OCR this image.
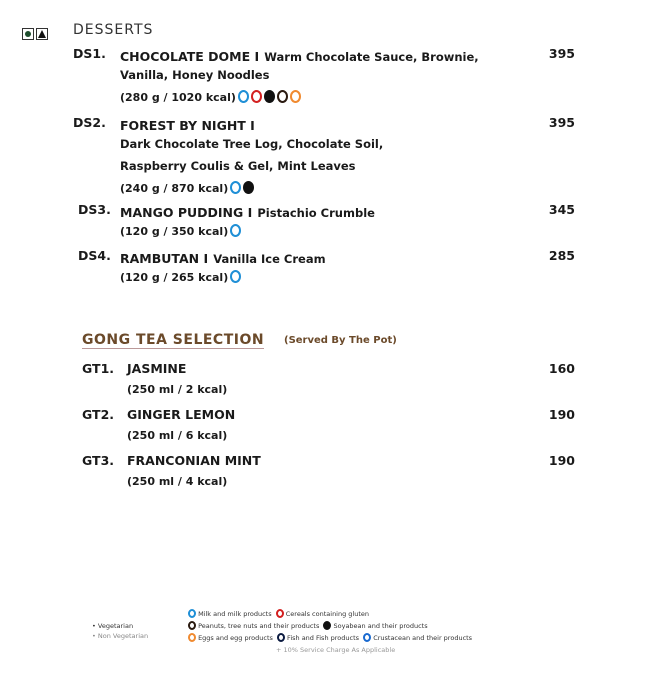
DESSERTS
DS1. CHOCOLATE DOME I Warm Chocolate Sauce, Brownie,
Vanilla, Honey Noodles
(280 g / 1020 kcal)
395
DS2. FOREST BY NIGHT I
Dark Chocolate Tree Log, Chocolate Soil,
Raspberry Coulis & Gel, Mint Leaves
(240 g / 870 kcal)
395
DS3. MANGO PUDDING I Pistachio Crumble
(120 g / 350 kcal)
345
DS4. RAMBUTAN I Vanilla Ice Cream
(120 g / 265 kcal)
285
GONG TEA SELECTION (Served By The Pot)
GT1. JASMINE
(250 ml / 2 kcal)
160
GT2. GINGER LEMON
(250 ml / 6 kcal)
190
GT3. FRANCONIAN MINT
(250 ml / 4 kcal)
190
• Vegetarian
• Non Vegetarian
Milk and milk products Cereals containing gluten
Peanuts, tree nuts and their products Soyabean and their products
Eggs and egg products Fish and Fish products Crustacean and their products
+ 10% Service Charge As Applicable
